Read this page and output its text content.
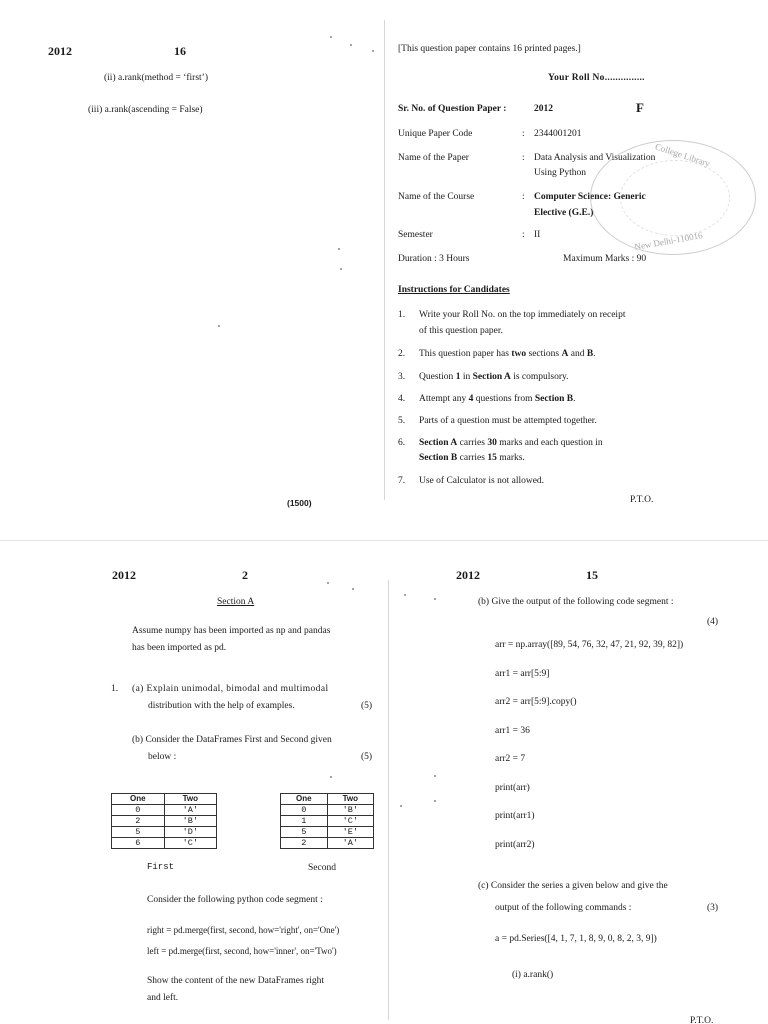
2012	16
(ii) a.rank(method = ‘first’)
(iii) a.rank(ascending = False)
(1500)
[This question paper contains 16 printed pages.]
Your Roll No...............
Sr. No. of Question Paper :	2012	F
Unique Paper Code	: 2344001201
Name of the Paper	: Data Analysis and Visualization
Using Python
Name of the Course	: Computer Science: Generic
Elective (G.E.)
Semester	: II
Duration : 3 Hours	Maximum Marks : 90
College Library
New Delhi-110016
Instructions for Candidates
1. Write your Roll No. on the top immediately on receipt
of this question paper.
2. This question paper has two sections A and B.
3. Question 1 in Section A is compulsory.
4. Attempt any 4 questions from Section B.
5. Parts of a question must be attempted together.
6. Section A carries 30 marks and each question in
Section B carries 15 marks.
7. Use of Calculator is not allowed.
P.T.O.
2012	2
Section A
Assume numpy has been imported as np and pandas
has been imported as pd.
1. (a) Explain unimodal, bimodal and multimodal
distribution with the help of examples.	(5)
(b) Consider the DataFrames First and Second given
below :	(5)
One	Two
0	'A'
2	'B'
5	'D'
6	'C'
First
One	Two
0	'B'
1	'C'
5	'E'
2	'A'
Second
Consider the following python code segment :
right = pd.merge(first, second, how='right', on='One')
left = pd.merge(first, second, how='inner', on='Two')
Show the content of the new DataFrames right
and left.
2012	15
(b) Give the output of the following code segment :
(4)
arr = np.array([89, 54, 76, 32, 47, 21, 92, 39, 82])
arr1 = arr[5:9]
arr2 = arr[5:9].copy()
arr1 = 36
arr2 = 7
print(arr)
print(arr1)
print(arr2)
(c) Consider the series a given below and give the
output of the following commands :	(3)
a = pd.Series([4, 1, 7, 1, 8, 9, 0, 8, 2, 3, 9])
(i) a.rank()
P.T.O.
